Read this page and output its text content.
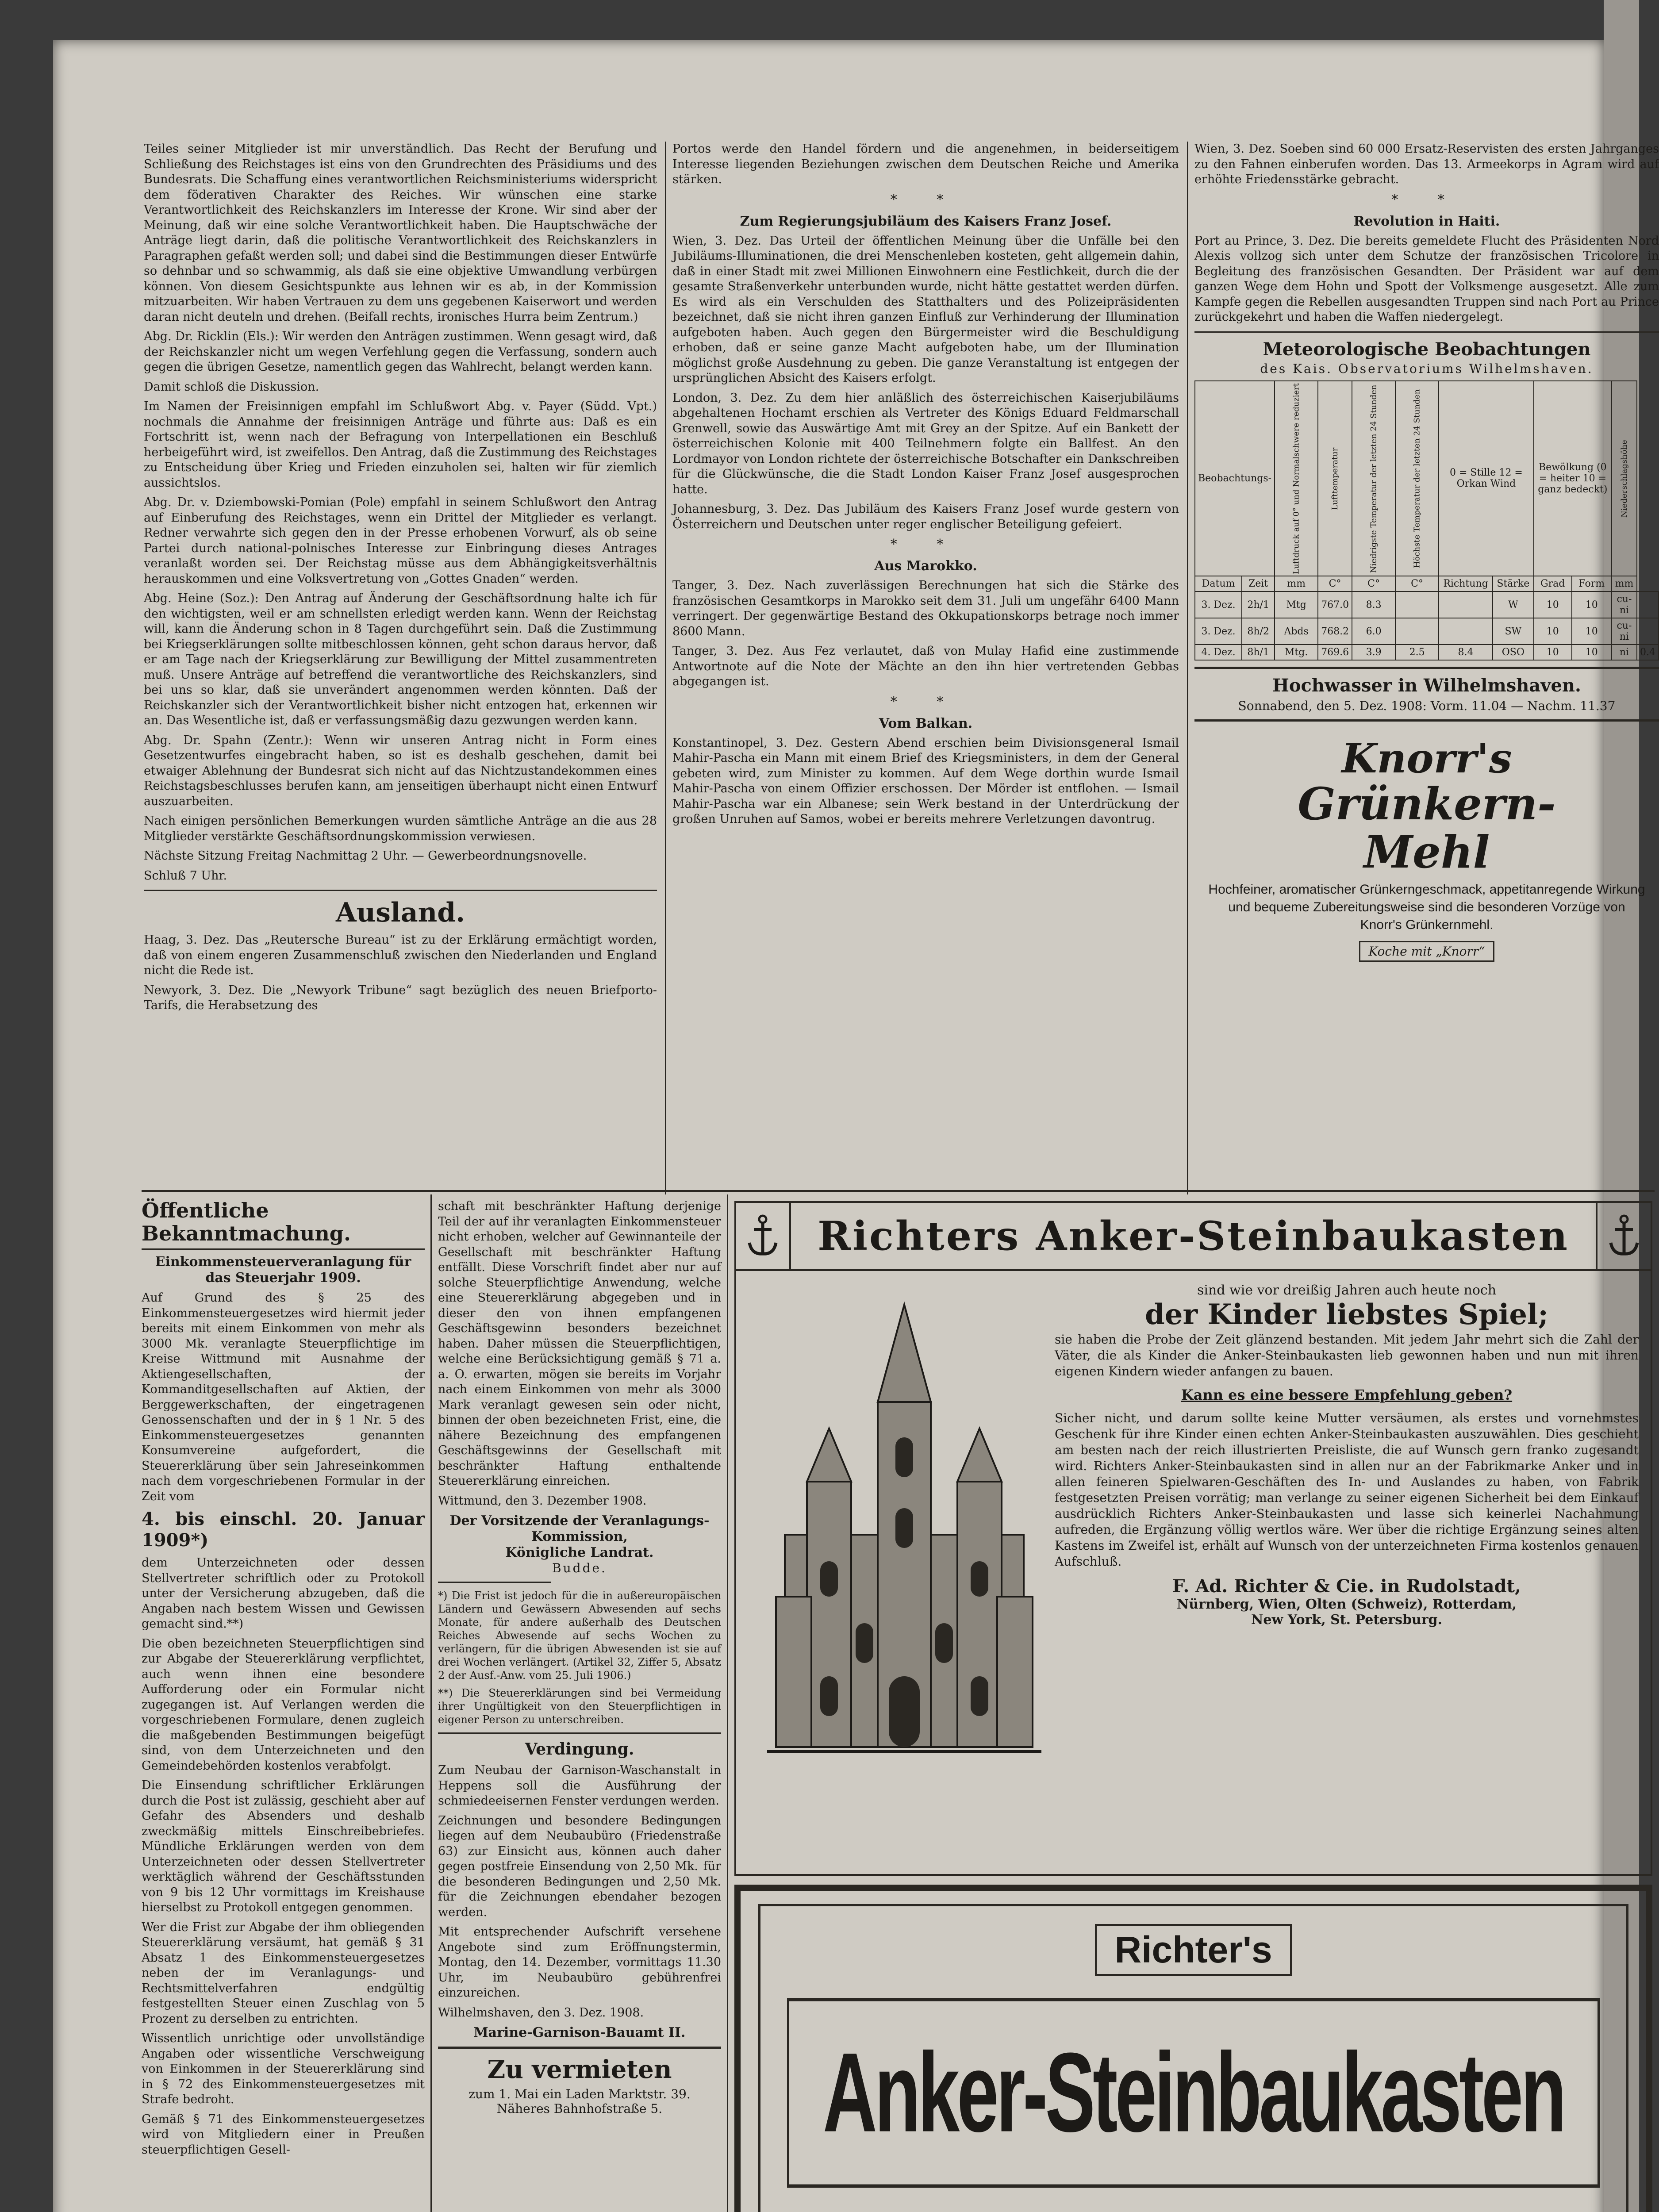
Teiles seiner Mitglieder ist mir unverständlich. Das Recht der Berufung und Schließung des Reichstages ist eins von den Grundrechten des Präsidiums und des Bundesrats. Die Schaffung eines verantwortlichen Reichsministeriums widerspricht dem föderativen Charakter des Reiches. Wir wünschen eine starke Verantwortlichkeit des Reichskanzlers im Interesse der Krone. Wir sind aber der Meinung, daß wir eine solche Verantwortlichkeit haben. Die Hauptschwäche der Anträge liegt darin, daß die politische Verantwortlichkeit des Reichskanzlers in Paragraphen gefaßt werden soll; und dabei sind die Bestimmungen dieser Entwürfe so dehnbar und so schwammig, als daß sie eine objektive Umwandlung verbürgen können. Von diesem Gesichtspunkte aus lehnen wir es ab, in der Kommission mitzuarbeiten. Wir haben Vertrauen zu dem uns gegebenen Kaiserwort und werden daran nicht deuteln und drehen. (Beifall rechts, ironisches Hurra beim Zentrum.)

Abg. Dr. Ricklin (Els.): Wir werden den Anträgen zustimmen. Wenn gesagt wird, daß der Reichskanzler nicht um wegen Verfehlung gegen die Verfassung, sondern auch gegen die übrigen Gesetze, namentlich gegen das Wahlrecht, belangt werden kann.

Damit schloß die Diskussion.

Im Namen der Freisinnigen empfahl im Schlußwort Abg. v. Payer (Südd. Vpt.) nochmals die Annahme der freisinnigen Anträge und führte aus: Daß es ein Fortschritt ist, wenn nach der Befragung von Interpellationen ein Beschluß herbeigeführt wird, ist zweifellos. Den Antrag, daß die Zustimmung des Reichstages zu Entscheidung über Krieg und Frieden einzuholen sei, halten wir für ziemlich aussichtslos.

Abg. Dr. v. Dziembowski-Pomian (Pole) empfahl in seinem Schlußwort den Antrag auf Einberufung des Reichstages, wenn ein Drittel der Mitglieder es verlangt. Redner verwahrte sich gegen den in der Presse erhobenen Vorwurf, als ob seine Partei durch national-polnisches Interesse zur Einbringung dieses Antrages veranlaßt worden sei. Der Reichstag müsse aus dem Abhängigkeitsverhältnis herauskommen und eine Volksvertretung von „Gottes Gnaden“ werden.

Abg. Heine (Soz.): Den Antrag auf Änderung der Geschäftsordnung halte ich für den wichtigsten, weil er am schnellsten erledigt werden kann. Wenn der Reichstag will, kann die Änderung schon in 8 Tagen durchgeführt sein. Daß die Zustimmung bei Kriegserklärungen sollte mitbeschlossen können, geht schon daraus hervor, daß er am Tage nach der Kriegserklärung zur Bewilligung der Mittel zusammentreten muß. Unsere Anträge auf betreffend die verantwortliche des Reichskanzlers, sind bei uns so klar, daß sie unverändert angenommen werden könnten. Daß der Reichskanzler sich der Verantwortlichkeit bisher nicht entzogen hat, erkennen wir an. Das Wesentliche ist, daß er verfassungsmäßig dazu gezwungen werden kann.

Abg. Dr. Spahn (Zentr.): Wenn wir unseren Antrag nicht in Form eines Gesetzentwurfes eingebracht haben, so ist es deshalb geschehen, damit bei etwaiger Ablehnung der Bundesrat sich nicht auf das Nichtzustandekommen eines Reichstagsbeschlusses berufen kann, am jenseitigen überhaupt nicht einen Entwurf auszuarbeiten.

Nach einigen persönlichen Bemerkungen wurden sämtliche Anträge an die aus 28 Mitglieder verstärkte Geschäftsordnungskommission verwiesen.

Nächste Sitzung Freitag Nachmittag 2 Uhr. — Gewerbeordnungsnovelle.

Schluß 7 Uhr.

Ausland.

Haag, 3. Dez. Das „Reutersche Bureau“ ist zu der Erklärung ermächtigt worden, daß von einem engeren Zusammenschluß zwischen den Niederlanden und England nicht die Rede ist.

Newyork, 3. Dez. Die „Newyork Tribune“ sagt bezüglich des neuen Briefporto-Tarifs, die Herabsetzung des

Portos werde den Handel fördern und die angenehmen, in beiderseitigem Interesse liegenden Beziehungen zwischen dem Deutschen Reiche und Amerika stärken.

* *
Zum Regierungsjubiläum des Kaisers Franz Josef.

Wien, 3. Dez. Das Urteil der öffentlichen Meinung über die Unfälle bei den Jubiläums-Illuminationen, die drei Menschenleben kosteten, geht allgemein dahin, daß in einer Stadt mit zwei Millionen Einwohnern eine Festlichkeit, durch die der gesamte Straßenverkehr unterbunden wurde, nicht hätte gestattet werden dürfen. Es wird als ein Verschulden des Statthalters und des Polizeipräsidenten bezeichnet, daß sie nicht ihren ganzen Einfluß zur Verhinderung der Illumination aufgeboten haben. Auch gegen den Bürgermeister wird die Beschuldigung erhoben, daß er seine ganze Macht aufgeboten habe, um der Illumination möglichst große Ausdehnung zu geben. Die ganze Veranstaltung ist entgegen der ursprünglichen Absicht des Kaisers erfolgt.

London, 3. Dez. Zu dem hier anläßlich des österreichischen Kaiserjubiläums abgehaltenen Hochamt erschien als Vertreter des Königs Eduard Feldmarschall Grenwell, sowie das Auswärtige Amt mit Grey an der Spitze. Auf ein Bankett der österreichischen Kolonie mit 400 Teilnehmern folgte ein Ballfest. An den Lordmayor von London richtete der österreichische Botschafter ein Dankschreiben für die Glückwünsche, die die Stadt London Kaiser Franz Josef ausgesprochen hatte.

Johannesburg, 3. Dez. Das Jubiläum des Kaisers Franz Josef wurde gestern von Österreichern und Deutschen unter reger englischer Beteiligung gefeiert.

* *
Aus Marokko.

Tanger, 3. Dez. Nach zuverlässigen Berechnungen hat sich die Stärke des französischen Gesamtkorps in Marokko seit dem 31. Juli um ungefähr 6400 Mann verringert. Der gegenwärtige Bestand des Okkupationskorps betrage noch immer 8600 Mann.

Tanger, 3. Dez. Aus Fez verlautet, daß von Mulay Hafid eine zustimmende Antwortnote auf die Note der Mächte an den ihn hier vertretenden Gebbas abgegangen ist.

* *
Vom Balkan.

Konstantinopel, 3. Dez. Gestern Abend erschien beim Divisionsgeneral Ismail Mahir-Pascha ein Mann mit einem Brief des Kriegsministers, in dem der General gebeten wird, zum Minister zu kommen. Auf dem Wege dorthin wurde Ismail Mahir-Pascha von einem Offizier erschossen. Der Mörder ist entflohen. — Ismail Mahir-Pascha war ein Albanese; sein Werk bestand in der Unterdrückung der großen Unruhen auf Samos, wobei er bereits mehrere Verletzungen davontrug.

Wien, 3. Dez. Soeben sind 60 000 Ersatz-Reservisten des ersten Jahrganges zu den Fahnen einberufen worden. Das 13. Armeekorps in Agram wird auf erhöhte Friedensstärke gebracht.

* *
Revolution in Haiti.

Port au Prince, 3. Dez. Die bereits gemeldete Flucht des Präsidenten Nord Alexis vollzog sich unter dem Schutze der französischen Tricolore in Begleitung des französischen Gesandten. Der Präsident war auf dem ganzen Wege dem Hohn und Spott der Volksmenge ausgesetzt. Alle zum Kampfe gegen die Rebellen ausgesandten Truppen sind nach Port au Prince zurückgekehrt und haben die Waffen niedergelegt.

Meteorologische Beobachtungen
des Kais. Observatoriums Wilhelmshaven.
Beobachtungs-		Luftdruck auf 0° und Normalschwere reduziert	Lufttemperatur	Niedrigste Temperatur der letzten 24 Stunden	Höchste Temperatur der letzten 24 Stunden	0 = Stille 12 = Orkan Wind		Bewölkung (0 = heiter 10 = ganz bedeckt)		Niederschlagshöhe	
Datum	Zeit	mm	C°	C°	C°	Richtung	Stärke	Grad	Form	mm	
3. Dez.	2h/1	Mtg	767.0	8.3			W	10	10	cu-ni	
3. Dez.	8h/2	Abds	768.2	6.0			SW	10	10	cu-ni	
4. Dez.	8h/1	Mtg.	769.6	3.9	2.5	8.4	OSO	10	10	ni	0.4
Hochwasser in Wilhelmshaven.
Sonnabend, den 5. Dez. 1908: Vorm. 11.04 — Nachm. 11.37
Knorr's
Grünkern-
Mehl
Hochfeiner, aromatischer Grünkerngeschmack, appetitanregende Wirkung und bequeme Zubereitungsweise sind die besonderen Vorzüge von Knorr's Grünkernmehl.
Koche mit „Knorr“
Öffentliche Bekanntmachung.
Einkommensteuerveranlagung für das Steuerjahr 1909.

Auf Grund des § 25 des Einkommensteuergesetzes wird hiermit jeder bereits mit einem Einkommen von mehr als 3000 Mk. veranlagte Steuerpflichtige im Kreise Wittmund mit Ausnahme der Aktiengesellschaften, der Kommanditgesellschaften auf Aktien, der Berggewerkschaften, der eingetragenen Genossenschaften und der in § 1 Nr. 5 des Einkommensteuergesetzes genannten Konsumvereine aufgefordert, die Steuererklärung über sein Jahreseinkommen nach dem vorgeschriebenen Formular in der Zeit vom

4. bis einschl. 20. Januar 1909*)

dem Unterzeichneten oder dessen Stellvertreter schriftlich oder zu Protokoll unter der Versicherung abzugeben, daß die Angaben nach bestem Wissen und Gewissen gemacht sind.**)

Die oben bezeichneten Steuerpflichtigen sind zur Abgabe der Steuererklärung verpflichtet, auch wenn ihnen eine besondere Aufforderung oder ein Formular nicht zugegangen ist. Auf Verlangen werden die vorgeschriebenen Formulare, denen zugleich die maßgebenden Bestimmungen beigefügt sind, von dem Unterzeichneten und den Gemeindebehörden kostenlos verabfolgt.

Die Einsendung schriftlicher Erklärungen durch die Post ist zulässig, geschieht aber auf Gefahr des Absenders und deshalb zweckmäßig mittels Einschreibebriefes. Mündliche Erklärungen werden von dem Unterzeichneten oder dessen Stellvertreter werktäglich während der Geschäftsstunden von 9 bis 12 Uhr vormittags im Kreishause hierselbst zu Protokoll entgegen genommen.

Wer die Frist zur Abgabe der ihm obliegenden Steuererklärung versäumt, hat gemäß § 31 Absatz 1 des Einkommensteuergesetzes neben der im Veranlagungs- und Rechtsmittelverfahren endgültig festgestellten Steuer einen Zuschlag von 5 Prozent zu derselben zu entrichten.

Wissentlich unrichtige oder unvollständige Angaben oder wissentliche Verschweigung von Einkommen in der Steuererklärung sind in § 72 des Einkommensteuergesetzes mit Strafe bedroht.

Gemäß § 71 des Einkommensteuergesetzes wird von Mitgliedern einer in Preußen steuerpflichtigen Gesell-

schaft mit beschränkter Haftung derjenige Teil der auf ihr veranlagten Einkommensteuer nicht erhoben, welcher auf Gewinnanteile der Gesellschaft mit beschränkter Haftung entfällt. Diese Vorschrift findet aber nur auf solche Steuerpflichtige Anwendung, welche eine Steuererklärung abgegeben und in dieser den von ihnen empfangenen Geschäftsgewinn besonders bezeichnet haben. Daher müssen die Steuerpflichtigen, welche eine Berücksichtigung gemäß § 71 a. a. O. erwarten, mögen sie bereits im Vorjahr nach einem Einkommen von mehr als 3000 Mark veranlagt gewesen sein oder nicht, binnen der oben bezeichneten Frist, eine, die nähere Bezeichnung des empfangenen Geschäftsgewinns der Gesellschaft mit beschränkter Haftung enthaltende Steuererklärung einreichen.

Wittmund, den 3. Dezember 1908.

Der Vorsitzende der Veranlagungs-Kommission,
Königliche Landrat.
Budde.

*) Die Frist ist jedoch für die in außereuropäischen Ländern und Gewässern Abwesenden auf sechs Monate, für andere außerhalb des Deutschen Reiches Abwesende auf sechs Wochen zu verlängern, für die übrigen Abwesenden ist sie auf drei Wochen verlängert. (Artikel 32, Ziffer 5, Absatz 2 der Ausf.-Anw. vom 25. Juli 1906.)

**) Die Steuererklärungen sind bei Vermeidung ihrer Ungültigkeit von den Steuerpflichtigen in eigener Person zu unterschreiben.

Verdingung.

Zum Neubau der Garnison-Waschanstalt in Heppens soll die Ausführung der schmiedeeisernen Fenster verdungen werden.

Zeichnungen und besondere Bedingungen liegen auf dem Neubaubüro (Friedenstraße 63) zur Einsicht aus, können auch daher gegen postfreie Einsendung von 2,50 Mk. für die besonderen Bedingungen und 2,50 Mk. für die Zeichnungen ebendaher bezogen werden.

Mit entsprechender Aufschrift versehene Angebote sind zum Eröffnungstermin, Montag, den 14. Dezember, vormittags 11.30 Uhr, im Neubaubüro gebührenfrei einzureichen.

Wilhelmshaven, den 3. Dez. 1908.

Marine-Garnison-Bauamt II.
Zu vermieten
zum 1. Mai ein Laden Marktstr. 39.
Näheres Bahnhofstraße 5.
Richters Anker-Steinbaukasten
sind wie vor dreißig Jahren auch heute noch
der Kinder liebstes Spiel;

sie haben die Probe der Zeit glänzend bestanden. Mit jedem Jahr mehrt sich die Zahl der Väter, die als Kinder die Anker-Steinbaukasten lieb gewonnen haben und nun mit ihren eigenen Kindern wieder anfangen zu bauen.

Kann es eine bessere Empfehlung geben?

Sicher nicht, und darum sollte keine Mutter versäumen, als erstes und vornehmstes Geschenk für ihre Kinder einen echten Anker-Steinbaukasten auszuwählen. Dies geschieht am besten nach der reich illustrierten Preisliste, die auf Wunsch gern franko zugesandt wird. Richters Anker-Steinbaukasten sind in allen nur an der Fabrikmarke Anker und in allen feineren Spielwaren-Geschäften des In- und Auslandes zu haben, von Fabrik festgesetzten Preisen vorrätig; man verlange zu seiner eigenen Sicherheit bei dem Einkauf ausdrücklich Richters Anker-Steinbaukasten und lasse sich keinerlei Nachahmung aufreden, die Ergänzung völlig wertlos wäre. Wer über die richtige Ergänzung seines alten Kastens im Zweifel ist, erhält auf Wunsch von der unterzeichneten Firma kostenlos genauen Aufschluß.

F. Ad. Richter & Cie. in Rudolstadt,
Nürnberg, Wien, Olten (Schweiz), Rotterdam,
New York, St. Petersburg.
Richter's
Anker-Steinbaukasten
